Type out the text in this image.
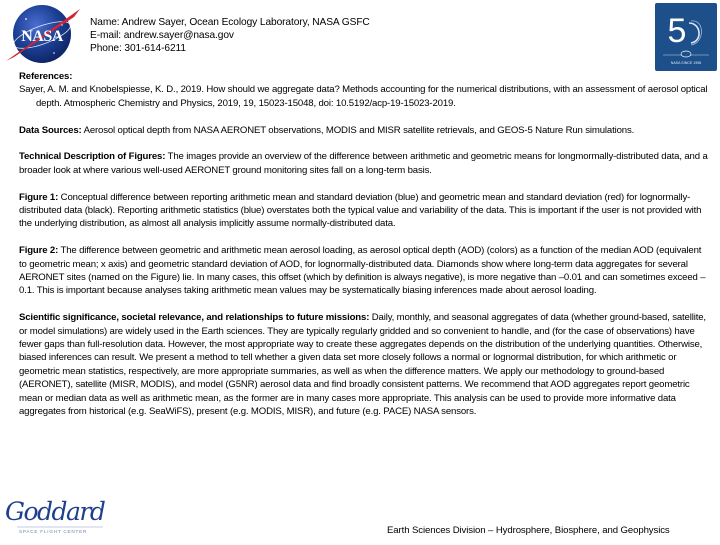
NASA
Name: Andrew Sayer, Ocean Ecology Laboratory, NASA GSFC
E-mail: andrew.sayer@nasa.gov
Phone: 301-614-6211	5
NASA SINCE 1958

References:

Sayer, A. M. and Knobelspiesse, K. D., 2019. How should we aggregate data? Methods accounting for the numerical distributions, with an assessment of aerosol optical depth. Atmospheric Chemistry and Physics, 2019, 19, 15023-15048, doi: 10.5192/acp-19-15023-2019.

Data Sources: Aerosol optical depth from NASA AERONET observations, MODIS and MISR satellite retrievals, and GEOS-5 Nature Run simulations.

Technical Description of Figures: The images provide an overview of the difference between arithmetic and geometric means for longmormally-distributed data, and a broader look at where various well-used AERONET ground monitoring sites fall on a long-term basis.

Figure 1: Conceptual difference between reporting arithmetic mean and standard deviation (blue) and geometric mean and standard deviation (red) for lognormally-distributed data (black). Reporting arithmetic statistics (blue) overstates both the typical value and variability of the data. This is important if the user is not provided with the underlying distribution, as almost all analysis implicitly assume normally-distributed data.

Figure 2: The difference between geometric and arithmetic mean aerosol loading, as aerosol optical depth (AOD) (colors) as a function of the median AOD (equivalent to geometric mean; x axis) and geometric standard deviation of AOD, for lognormally-distributed data. Diamonds show where long-term data aggregates for several AERONET sites (named on the Figure) lie. In many cases, this offset (which by definition is always negative), is more negative than –0.01 and can sometimes exceed –0.1. This is important because analyses taking arithmetic mean values may be systematically biasing inferences made about aerosol loading.

Scientific significance, societal relevance, and relationships to future missions: Daily, monthly, and seasonal aggregates of data (whether ground-based, satellite, or model simulations) are widely used in the Earth sciences. They are typically regularly gridded and so convenient to handle, and (for the case of observations) have fewer gaps than full-resolution data. However, the most appropriate way to create these aggregates depends on the distribution of the underlying quantities. Otherwise, biased inferences can result. We present a method to tell whether a given data set more closely follows a normal or lognormal distribution, for which arithmetic or geometric mean statistics, respectively, are more appropriate summaries, as well as when the difference matters. We apply our methodology to ground-based (AERONET), satellite (MISR, MODIS), and model (G5NR) aerosol data and find broadly consistent patterns. We recommend that AOD aggregates report geometric mean or median data as well as arithmetic mean, as the former are in many cases more appropriate. This analysis can be used to provide more informative data aggregates from historical (e.g. SeaWiFS), present (e.g. MODIS, MISR), and future (e.g. PACE) NASA sensors.

Goddard
SPACE FLIGHT CENTER	Earth Sciences Division – Hydrosphere, Biosphere, and Geophysics
